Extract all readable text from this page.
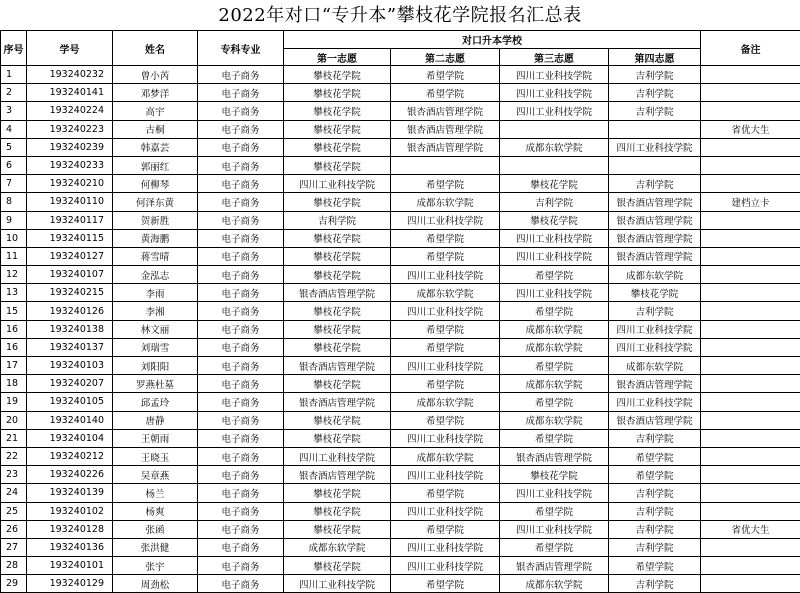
2022年对口“专升本”攀枝花学院报名汇总表
序号	学号	姓名	专科专业	对口升本学校				备注
				第一志愿	第二志愿	第三志愿	第四志愿	
1	193240232	曾小芮	电子商务	攀枝花学院	希望学院	四川工业科技学院	吉利学院	
2	193240141	邓梦洋	电子商务	攀枝花学院	希望学院	四川工业科技学院	吉利学院	
3	193240224	高宇	电子商务	攀枝花学院	银杏酒店管理学院	四川工业科技学院	吉利学院	
4	193240223	古桐	电子商务	攀枝花学院	银杏酒店管理学院			省优大生
5	193240239	韩嘉芸	电子商务	攀枝花学院	银杏酒店管理学院	成都东软学院	四川工业科技学院	
6	193240233	郭丽红	电子商务	攀枝花学院				
7	193240210	何柳琴	电子商务	四川工业科技学院	希望学院	攀枝花学院	吉利学院	
8	193240110	何泽东黄	电子商务	攀枝花学院	成都东软学院	吉利学院	银杏酒店管理学院	建档立卡
9	193240117	贺新胜	电子商务	吉利学院	四川工业科技学院	攀枝花学院	银杏酒店管理学院	
10	193240115	黄海鹏	电子商务	攀枝花学院	希望学院	四川工业科技学院	银杏酒店管理学院	
11	193240127	蒋雪晴	电子商务	攀枝花学院	希望学院	四川工业科技学院	银杏酒店管理学院	
12	193240107	金泓志	电子商务	攀枝花学院	四川工业科技学院	希望学院	成都东软学院	
13	193240215	李雨	电子商务	银杏酒店管理学院	成都东软学院	四川工业科技学院	攀枝花学院	
15	193240126	李湘	电子商务	攀枝花学院	四川工业科技学院	希望学院	吉利学院	
16	193240138	林文丽	电子商务	攀枝花学院	希望学院	成都东软学院	四川工业科技学院	
16	193240137	刘瑞雪	电子商务	攀枝花学院	希望学院	成都东软学院	四川工业科技学院	
17	193240103	刘阳阳	电子商务	银杏酒店管理学院	四川工业科技学院	希望学院	成都东软学院	
18	193240207	罗燕杜墓	电子商务	攀枝花学院	希望学院	成都东软学院	银杏酒店管理学院	
19	193240105	邱孟玲	电子商务	银杏酒店管理学院	成都东软学院	希望学院	四川工业科技学院	
20	193240140	唐静	电子商务	攀枝花学院	希望学院	成都东软学院	银杏酒店管理学院	
21	193240104	王朝雨	电子商务	攀枝花学院	四川工业科技学院	希望学院	吉利学院	
22	193240212	王晓玉	电子商务	四川工业科技学院	成都东软学院	银杏酒店管理学院	希望学院	
23	193240226	吴章燕	电子商务	银杏酒店管理学院	四川工业科技学院	攀枝花学院	希望学院	
24	193240139	杨兰	电子商务	攀枝花学院	希望学院	四川工业科技学院	吉利学院	
25	193240102	杨爽	电子商务	攀枝花学院	四川工业科技学院	希望学院	吉利学院	
26	193240128	张函	电子商务	攀枝花学院	希望学院	四川工业科技学院	吉利学院	省优大生
27	193240136	张洪健	电子商务	成都东软学院	四川工业科技学院	希望学院	吉利学院	
28	193240101	张宇	电子商务	攀枝花学院	四川工业科技学院	银杏酒店管理学院	希望学院	
29	193240129	周劲松	电子商务	四川工业科技学院	希望学院	成都东软学院	吉利学院	
